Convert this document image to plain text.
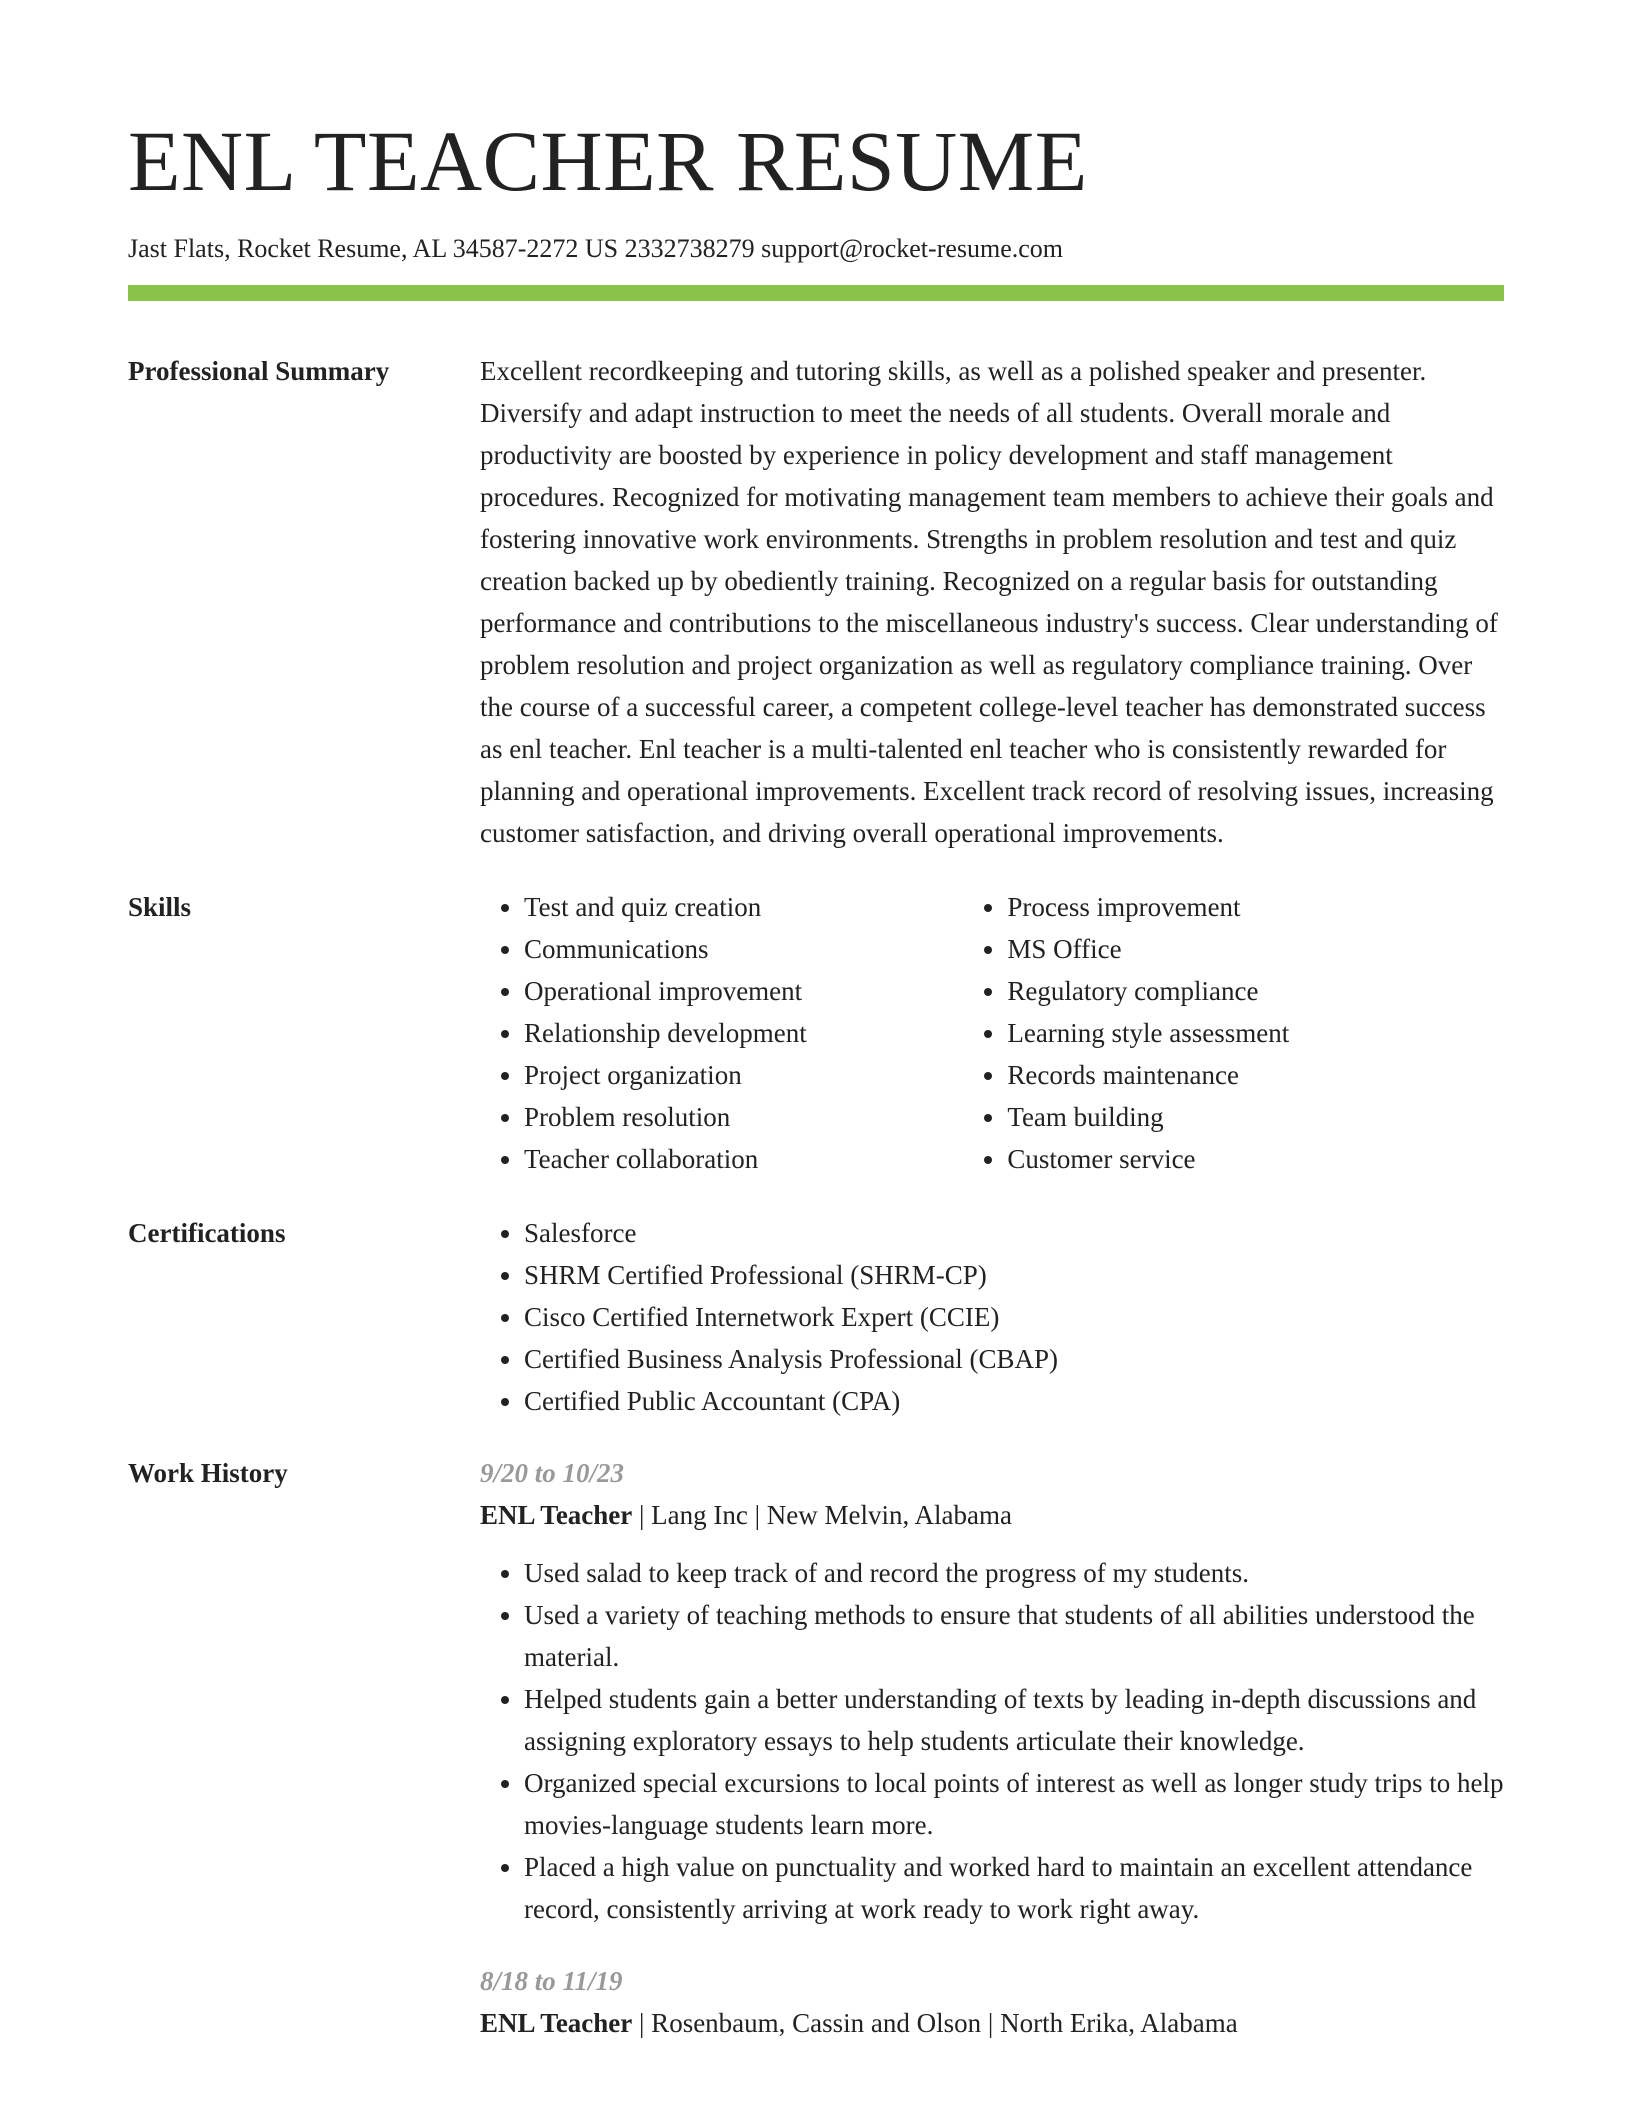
ENL TEACHER RESUME
Jast Flats, Rocket Resume, AL 34587-2272 US 2332738279 support@rocket-resume.com
Professional Summary	Excellent recordkeeping and tutoring skills, as well as a polished speaker and presenter. Diversify and adapt instruction to meet the needs of all students. Overall morale and productivity are boosted by experience in policy development and staff management procedures. Recognized for motivating management team members to achieve their goals and fostering innovative work environments. Strengths in problem resolution and test and quiz creation backed up by obediently training. Recognized on a regular basis for outstanding performance and contributions to the miscellaneous industry's success. Clear understanding of problem resolution and project organization as well as regulatory compliance training. Over the course of a successful career, a competent college-level teacher has demonstrated success as enl teacher. Enl teacher is a multi-talented enl teacher who is consistently rewarded for planning and operational improvements. Excellent track record of resolving issues, increasing customer satisfaction, and driving overall operational improvements.

Skills	• Test and quiz creation
• Communications
• Operational improvement
• Relationship development
• Project organization
• Problem resolution
• Teacher collaboration
• Process improvement
• MS Office
• Regulatory compliance
• Learning style assessment
• Records maintenance
• Team building
• Customer service
Certifications	• Salesforce
• SHRM Certified Professional (SHRM-CP)
• Cisco Certified Internetwork Expert (CCIE)
• Certified Business Analysis Professional (CBAP)
• Certified Public Accountant (CPA)
Work History	9/20 to 10/23
ENL Teacher | Lang Inc | New Melvin, Alabama
• Used salad to keep track of and record the progress of my students.
• Used a variety of teaching methods to ensure that students of all abilities understood the material.
• Helped students gain a better understanding of texts by leading in-depth discussions and assigning exploratory essays to help students articulate their knowledge.
• Organized special excursions to local points of interest as well as longer study trips to help movies-language students learn more.
• Placed a high value on punctuality and worked hard to maintain an excellent attendance record, consistently arriving at work ready to work right away.
8/18 to 11/19
ENL Teacher | Rosenbaum, Cassin and Olson | North Erika, Alabama
